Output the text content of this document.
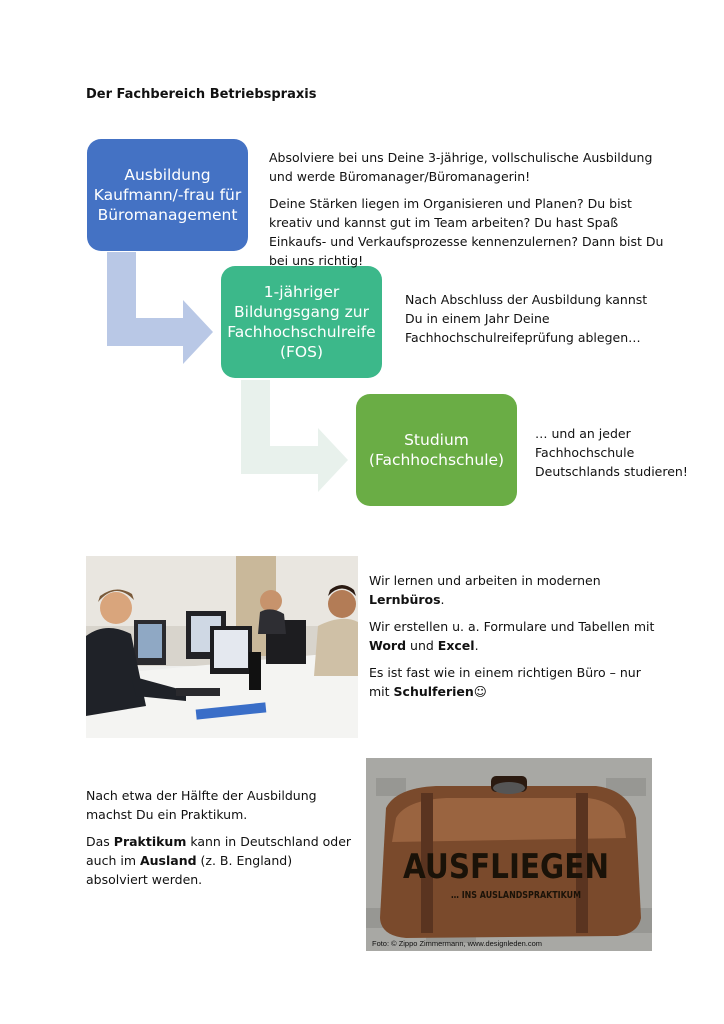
Der Fachbereich Betriebspraxis
Ausbildung
Kaufmann/-frau für
Büromanagement
1-jähriger
Bildungsgang zur
Fachhochschulreife
(FOS)
Studium
(Fachhochschule)

Absolviere bei uns Deine 3-jährige, vollschulische Ausbildung und werde Büromanager/Büromanagerin!

Deine Stärken liegen im Organisieren und Planen? Du bist kreativ und kannst gut im Team arbeiten? Du hast Spaß Einkaufs- und Verkaufsprozesse kennenzulernen? Dann bist Du bei uns richtig!

Nach Abschluss der Ausbildung kannst Du in einem Jahr Deine Fachhochschulreifeprüfung ablegen…
… und an jeder Fachhochschule Deutschlands studieren!

Wir lernen und arbeiten in modernen Lernbüros.

Wir erstellen u. a. Formulare und Tabellen mit Word und Excel.

Es ist fast wie in einem richtigen Büro – nur mit Schulferien☺

Nach etwa der Hälfte der Ausbildung machst Du ein Praktikum.

Das Praktikum kann in Deutschland oder auch im Ausland (z. B. England) absolviert werden.	AUSFLIEGEN
… INS AUSLANDSPRAKTIKUM
Foto: © Zippo Zimmermann, www.designleden.com
